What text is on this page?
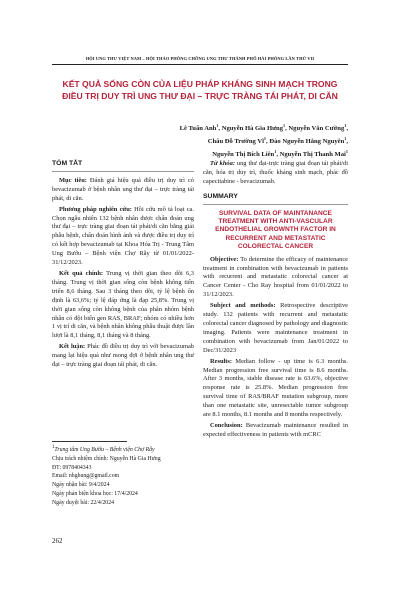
HỘI UNG THƯ VIỆT NAM – HỘI THẢO PHÒNG CHỐNG UNG THƯ THÀNH PHỐ HẢI PHÒNG LẦN THỨ VII
KẾT QUẢ SỐNG CÒN CỦA LIỆU PHÁP KHÁNG SINH MẠCH TRONG
ĐIỀU TRỊ DUY TRÌ UNG THƯ ĐẠI – TRỰC TRÀNG TÁI PHÁT, DI CĂN
Lê Tuấn Anh$^1$, Nguyễn Hà Gia Hưng$^1$, Nguyễn Văn Cường$^1$,
Châu Đỗ Trường $Vĩ^1$, Đào Nguyễn Hằng Nguyên$^1$,
Nguyễn Thị Bích Liên$^1$, Nguyễn Thị Thanh Mai$^1$
TÓM TẮT

Mục tiêu: Đánh giá hiệu quả điều trị duy trì có bevacizumab ở bệnh nhân ung thư đại – trực tràng tái phát, di căn.

Phương pháp nghiên cứu: Hồi cứu mô tả loạt ca. Chọn ngẫu nhiên 132 bệnh nhân được chẩn đoán ung thư đại – trực tràng giai đoạn tái phát/di căn bằng giải phẫu bệnh, chẩn đoán hình ảnh và được điều trị duy trì có kết hợp bevacizumab tại Khoa Hóa Trị - Trung Tâm Ung Bướu – Bệnh viện Chợ Rẫy từ 01/01/2022-31/12/2023.

Kết quả chính: Trung vị thời gian theo dõi 6,3 tháng. Trung vị thời gian sống còn bệnh không tiến triển 8,6 tháng. Sau 3 tháng theo dõi, tỷ lệ bệnh ổn định là 63,6%; tỷ lệ đáp ứng là đạp 25,8%. Trung vị thời gian sống còn không bệnh của phân nhóm bệnh nhân có đột biến gen RAS, BRAF; nhóm có nhiều hơn 1 vị trí di căn, và bệnh nhân không phẫu thuật được lần lượt là 8,1 tháng, 8,1 tháng và 8 tháng.

Kết luận: Phác đồ điều trị duy trì với bevacizumab mang lại hiệu quả như mong đợi ở bệnh nhân ung thư đại – trực tràng giai đoạn tái phát, di căn.

$^1$Trung tâm Ung Bướu – Bệnh viện Chợ Rẫy
Chịu trách nhiệm chính: Nguyễn Hà Gia Hưng
ĐT: 0978404343
Email: nhghung@gmail.com
Ngày nhận bài: 9/4/2024
Ngày phản biện khoa học: 17/4/2024
Ngày duyệt bài: 22/4/2024

Từ khóa: ung thư đại-trực tràng giai đoạn tái phát/di căn, hóa trị duy trì, thuốc kháng sinh mạch, phác đồ capecitabine - bevacizumab.

SUMMARY
SURVIVAL DATA OF MAINTANANCE TREATMENT WITH ANTI-VASCULAR ENDOTHELIAL GROWNTH FACTOR IN RECURRENT AND METASTATIC COLORECTAL CANCER

Objective: To determine the efficacy of maintenance treatment in combination with bevacizumab in patients with recurrent and metastatic colorectal cancer at Cancer Center - Cho Ray hospital from 01/01/2022 to 31/12/2023.

Subject and methods: Retrospective descriptive study. 132 patients with recurrent and metastatic colorectal cancer diagnosed by pathology and diagnostic imaging. Patients were maintenance treatment in combination with bevacizumab from Jan/01/2022 to Dec/31/2023

Results: Median follow - up time is 6.3 months. Median progression free survival time is 8.6 months. After 3 months, stable disease rate is 63.6%, objective response rate is 25.8%. Median progression free survival time of RAS/BRAF mutation subgroup, more than one metastatic site, unresectable tumor subgroup are 8.1 months, 8.1 months and 8 months respectively.

Conclusion: Bevacizumab maintenance resulted in expected effectiveness in patients with mCRC

262
